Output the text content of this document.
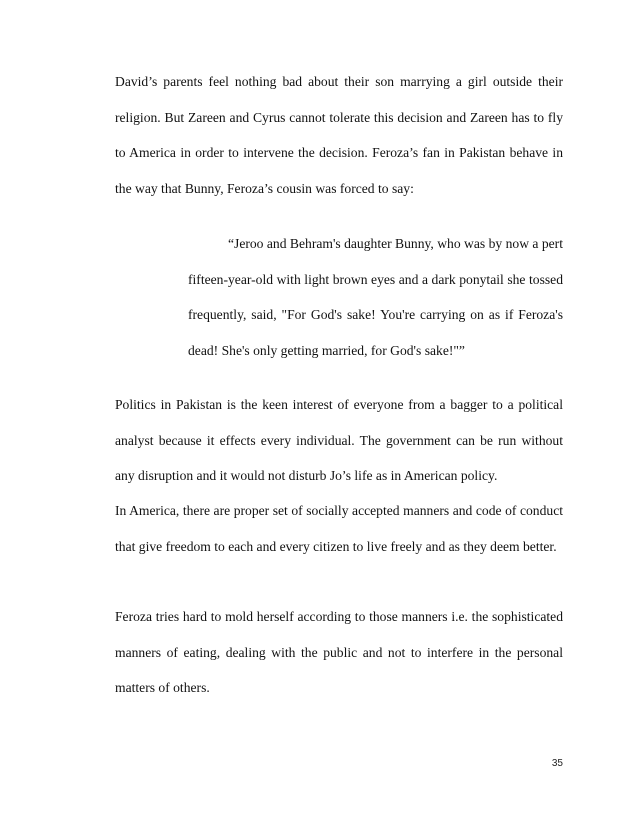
David’s parents feel nothing bad about their son marrying a girl outside their religion. But Zareen and Cyrus cannot tolerate this decision and Zareen has to fly to America in order to intervene the decision. Feroza’s fan in Pakistan behave in the way that Bunny, Feroza’s cousin was forced to say:

“Jeroo and Behram's daughter Bunny, who was by now a pert fifteen-year-old with light brown eyes and a dark ponytail she tossed frequently, said, "For God's sake! You're carrying on as if Feroza's dead! She's only getting married, for God's sake!"”

Politics in Pakistan is the keen interest of everyone from a bagger to a political analyst because it effects every individual. The government can be run without any disruption and it would not disturb Jo’s life as in American policy.

In America, there are proper set of socially accepted manners and code of conduct that give freedom to each and every citizen to live freely and as they deem better.

Feroza tries hard to mold herself according to those manners i.e. the sophisticated manners of eating, dealing with the public and not to interfere in the personal matters of others.

35
